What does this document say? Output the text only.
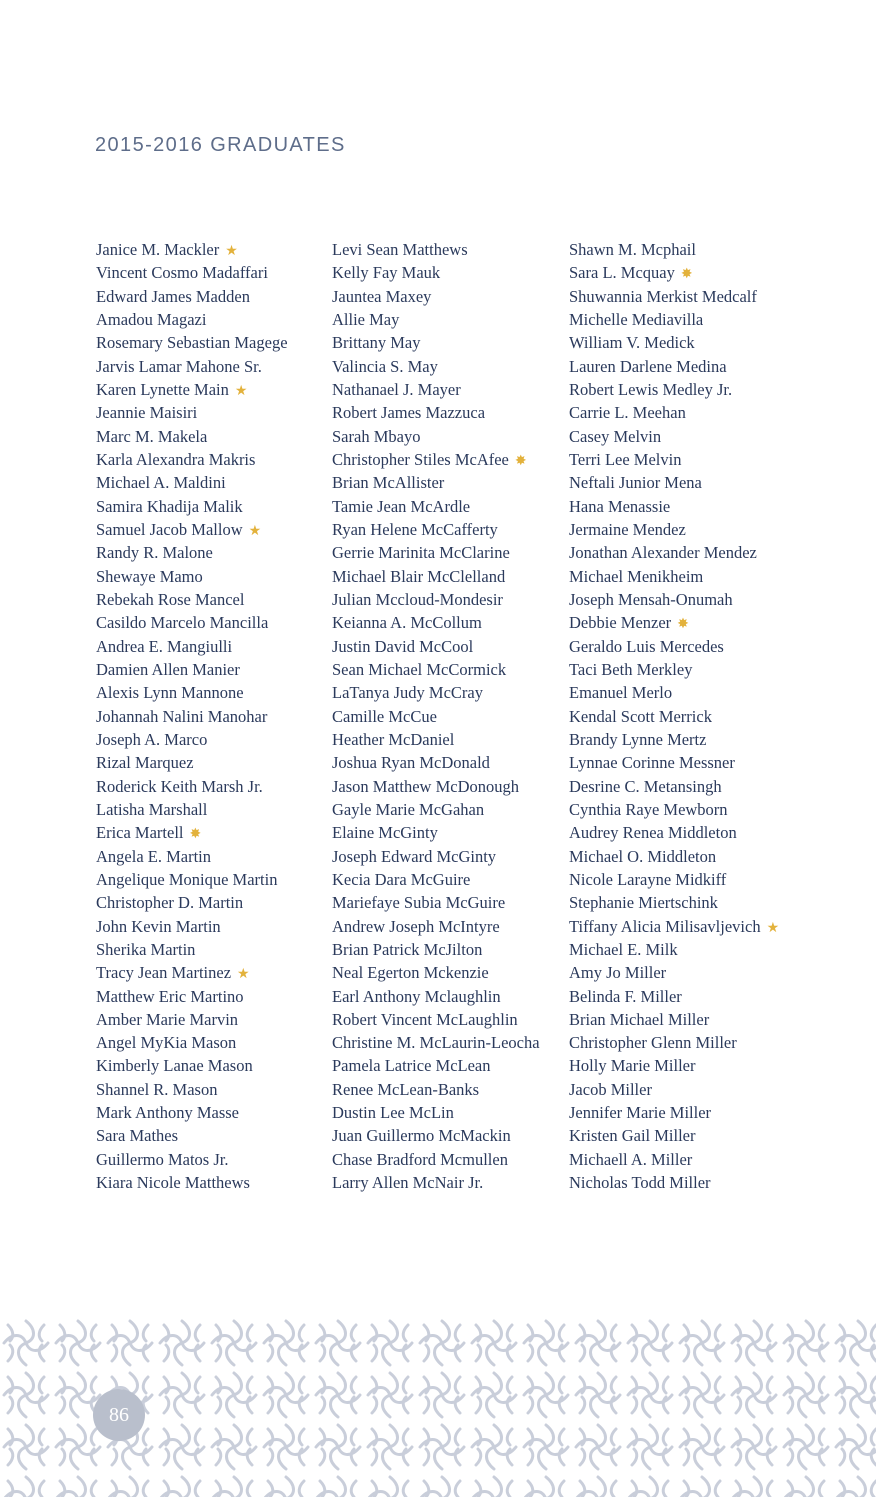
2015-2016 GRADUATES
Janice M. Mackler ★
Vincent Cosmo Madaffari
Edward James Madden
Amadou Magazi
Rosemary Sebastian Magege
Jarvis Lamar Mahone Sr.
Karen Lynette Main ★
Jeannie Maisiri
Marc M. Makela
Karla Alexandra Makris
Michael A. Maldini
Samira Khadija Malik
Samuel Jacob Mallow ★
Randy R. Malone
Shewaye Mamo
Rebekah Rose Mancel
Casildo Marcelo Mancilla
Andrea E. Mangiulli
Damien Allen Manier
Alexis Lynn Mannone
Johannah Nalini Manohar
Joseph A. Marco
Rizal Marquez
Roderick Keith Marsh Jr.
Latisha Marshall
Erica Martell ✸
Angela E. Martin
Angelique Monique Martin
Christopher D. Martin
John Kevin Martin
Sherika Martin
Tracy Jean Martinez ★
Matthew Eric Martino
Amber Marie Marvin
Angel MyKia Mason
Kimberly Lanae Mason
Shannel R. Mason
Mark Anthony Masse
Sara Mathes
Guillermo Matos Jr.
Kiara Nicole Matthews
Levi Sean Matthews
Kelly Fay Mauk
Jauntea Maxey
Allie May
Brittany May
Valincia S. May
Nathanael J. Mayer
Robert James Mazzuca
Sarah Mbayo
Christopher Stiles McAfee ✸
Brian McAllister
Tamie Jean McArdle
Ryan Helene McCafferty
Gerrie Marinita McClarine
Michael Blair McClelland
Julian Mccloud-Mondesir
Keianna A. McCollum
Justin David McCool
Sean Michael McCormick
LaTanya Judy McCray
Camille McCue
Heather McDaniel
Joshua Ryan McDonald
Jason Matthew McDonough
Gayle Marie McGahan
Elaine McGinty
Joseph Edward McGinty
Kecia Dara McGuire
Mariefaye Subia McGuire
Andrew Joseph McIntyre
Brian Patrick McJilton
Neal Egerton Mckenzie
Earl Anthony Mclaughlin
Robert Vincent McLaughlin
Christine M. McLaurin-Leocha
Pamela Latrice McLean
Renee McLean-Banks
Dustin Lee McLin
Juan Guillermo McMackin
Chase Bradford Mcmullen
Larry Allen McNair Jr.
Shawn M. Mcphail
Sara L. Mcquay ✸
Shuwannia Merkist Medcalf
Michelle Mediavilla
William V. Medick
Lauren Darlene Medina
Robert Lewis Medley Jr.
Carrie L. Meehan
Casey Melvin
Terri Lee Melvin
Neftali Junior Mena
Hana Menassie
Jermaine Mendez
Jonathan Alexander Mendez
Michael Menikheim
Joseph Mensah-Onumah
Debbie Menzer ✸
Geraldo Luis Mercedes
Taci Beth Merkley
Emanuel Merlo
Kendal Scott Merrick
Brandy Lynne Mertz
Lynnae Corinne Messner
Desrine C. Metansingh
Cynthia Raye Mewborn
Audrey Renea Middleton
Michael O. Middleton
Nicole Larayne Midkiff
Stephanie Miertschink
Tiffany Alicia Milisavljevich ★
Michael E. Milk
Amy Jo Miller
Belinda F. Miller
Brian Michael Miller
Christopher Glenn Miller
Holly Marie Miller
Jacob Miller
Jennifer Marie Miller
Kristen Gail Miller
Michaell A. Miller
Nicholas Todd Miller
86
